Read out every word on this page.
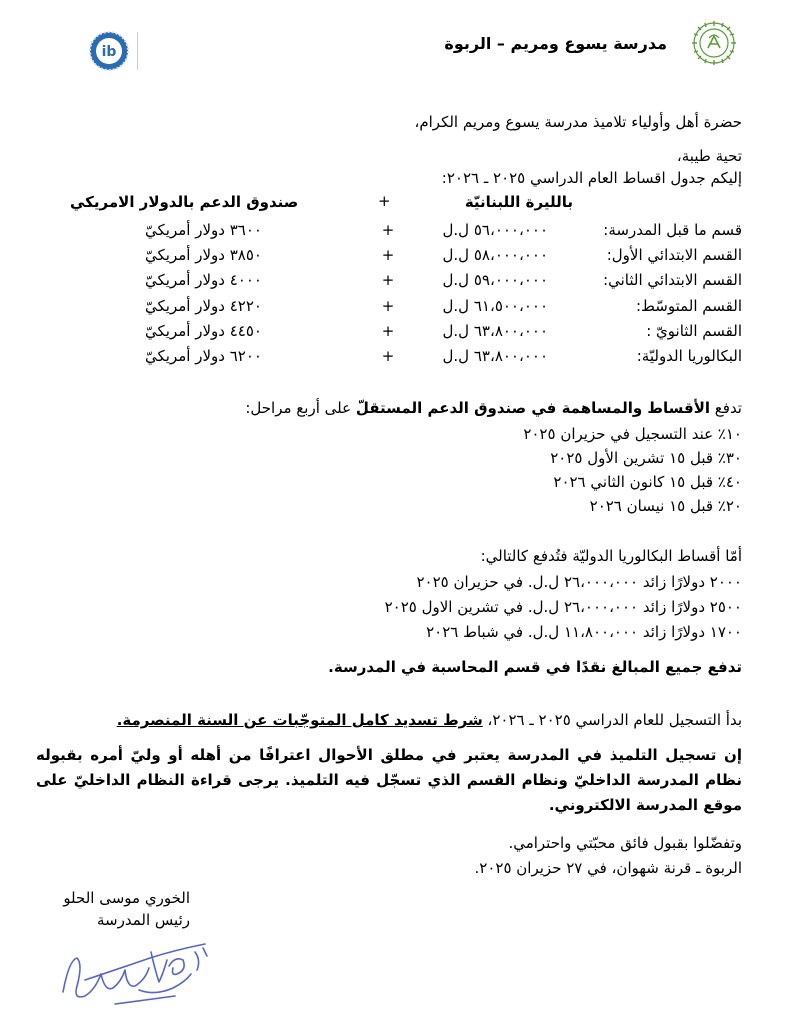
مدرسة يسوع ومريم – الربوة
ib
حضرة أهل وأولياء تلاميذ مدرسة يسوع ومريم الكرام،
تحية طيبة،
إليكم جدول اقساط العام الدراسي ٢٠٢٥ ـ ٢٠٢٦:
بالليرة اللبنانيّة
+
صندوق الدعم بالدولار الامريكي
قسم ما قبل المدرسة:
٥٦،٠٠٠،٠٠٠ ل.ل
+
٣٦٠٠ دولار أمريكيّ
القسم الابتدائي الأول:
٥٨،٠٠٠،٠٠٠ ل.ل
+
٣٨٥٠ دولار أمريكيّ
القسم الابتدائي الثاني:
٥٩،٠٠٠،٠٠٠ ل.ل
+
٤٠٠٠ دولار أمريكيّ
القسم المتوسّط:
٦١،٥٠٠،٠٠٠ ل.ل
+
٤٢٢٠ دولار أمريكيّ
القسم الثانويّ :
٦٣،٨٠٠،٠٠٠ ل.ل
+
٤٤٥٠ دولار أمريكيّ
البكالوريا الدوليّة:
٦٣،٨٠٠،٠٠٠ ل.ل
+
٦٢٠٠ دولار أمريكيّ
تدفع الأقساط والمساهمة في صندوق الدعم المستقلّ على أربع مراحل:
١٠٪ عند التسجيل في حزيران ٢٠٢٥
٣٠٪ قبل ١٥ تشرين الأول ٢٠٢٥
٤٠٪ قبل ١٥ كانون الثاني ٢٠٢٦
٢٠٪ قبل ١٥ نيسان ٢٠٢٦
أمّا أقساط البكالوريا الدوليّة فتُدفع كالتالي:
٢٠٠٠ دولارًا زائد ٢٦،٠٠٠،٠٠٠ ل.ل. في حزيران ٢٠٢٥
٢٥٠٠ دولارًا زائد ٢٦،٠٠٠،٠٠٠ ل.ل. في تشرين الاول ٢٠٢٥
١٧٠٠ دولارًا زائد ١١،٨٠٠،٠٠٠ ل.ل. في شباط ٢٠٢٦
تدفع جميع المبالغ نقدًا في قسم المحاسبة في المدرسة.
بدأ التسجيل للعام الدراسي ٢٠٢٥ ـ ٢٠٢٦، شرط تسديد كامل المتوجّبات عن السنة المنصرمة.
إن تسجيل التلميذ في المدرسة يعتبر في مطلق الأحوال اعترافًا من أهله أو وليّ أمره بقبوله نظام المدرسة الداخليّ ونظام القسم الذي تسجّل فيه التلميذ. يرجى قراءة النظام الداخليّ على موقع المدرسة الالكتروني.
وتفضّلوا بقبول فائق محبّتي واحترامي.
الربوة ـ قرنة شهوان، في ٢٧ حزيران ٢٠٢٥.
الخوري موسى الحلو
رئيس المدرسة
